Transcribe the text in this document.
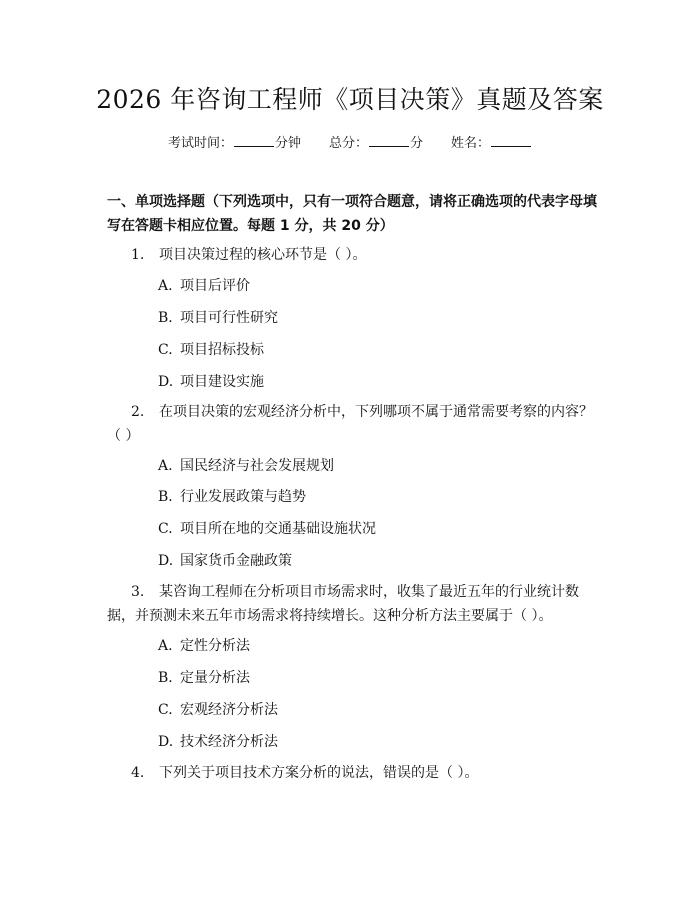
2026 年咨询工程师《项目决策》真题及答案
考试时间：	分钟 总分：	分 姓名：

一、单项选择题（下列选项中，只有一项符合题意，请将正确选项的代表字母填写在答题卡相应位置。每题 1 分，共 20 分）

1. 项目决策过程的核心环节是（ ）。
A. 项目后评价
B. 项目可行性研究
C. 项目招标投标
D. 项目建设实施
2. 在项目决策的宏观经济分析中，下列哪项不属于通常需要考察的内容？（ ）
A. 国民经济与社会发展规划
B. 行业发展政策与趋势
C. 项目所在地的交通基础设施状况
D. 国家货币金融政策
3. 某咨询工程师在分析项目市场需求时，收集了最近五年的行业统计数据，并预测未来五年市场需求将持续增长。这种分析方法主要属于（ ）。
A. 定性分析法
B. 定量分析法
C. 宏观经济分析法
D. 技术经济分析法
4. 下列关于项目技术方案分析的说法，错误的是（ ）。
